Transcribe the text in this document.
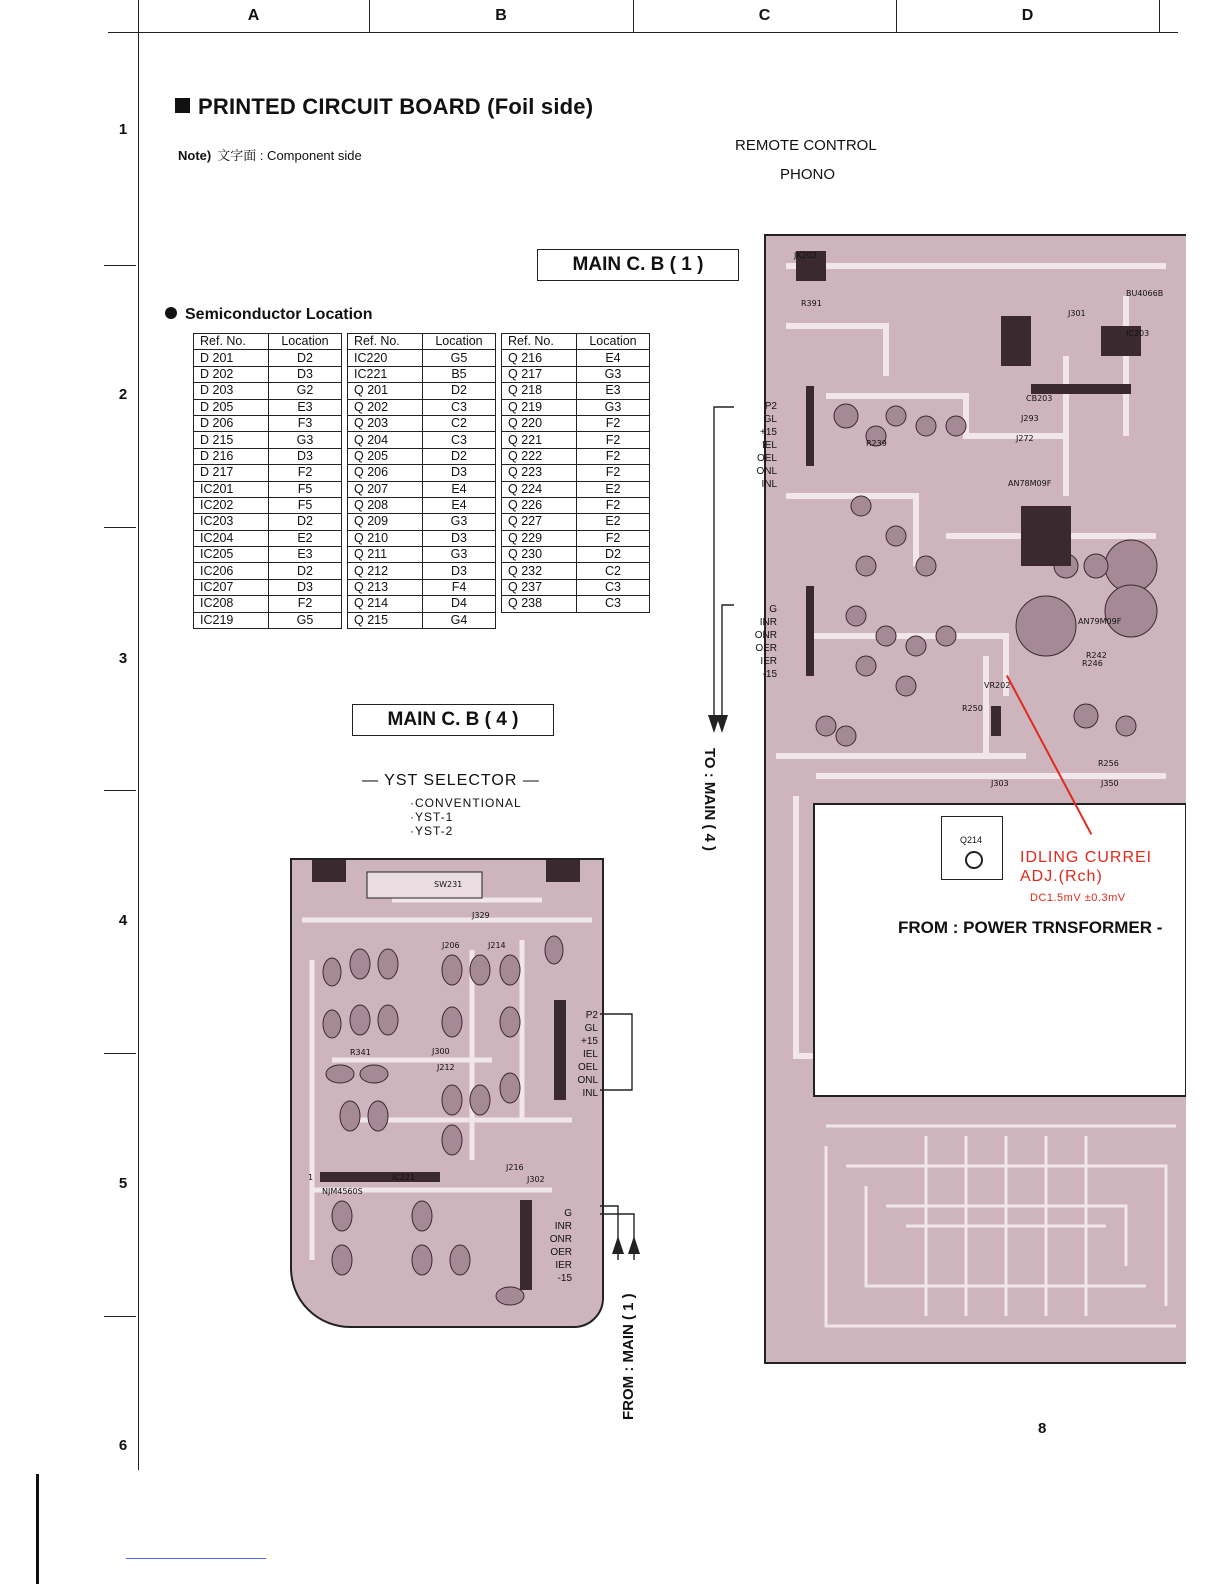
A	B	C	D
1
2
3
4
5
6
PRINTED CIRCUIT BOARD (Foil side)
Note) 文字面 : Component side
REMOTE CONTROL
PHONO
MAIN C. B ( 1 )
MAIN C. B ( 4 )
Semiconductor Location
Ref. No.	Location
D 201	D2
D 202	D3
D 203	G2
D 205	E3
D 206	F3
D 215	G3
D 216	D3
D 217	F2
IC201	F5
IC202	F5
IC203	D2
IC204	E2
IC205	E3
IC206	D2
IC207	D3
IC208	F2
IC219	G5
Ref. No.	Location
IC220	G5
IC221	B5
Q 201	D2
Q 202	C3
Q 203	C2
Q 204	C3
Q 205	D2
Q 206	D3
Q 207	E4
Q 208	E4
Q 209	G3
Q 210	D3
Q 211	G3
Q 212	D3
Q 213	F4
Q 214	D4
Q 215	G4
Ref. No.	Location
Q 216	E4
Q 217	G3
Q 218	E3
Q 219	G3
Q 220	F2
Q 221	F2
Q 222	F2
Q 223	F2
Q 224	E2
Q 226	F2
Q 227	E2
Q 229	F2
Q 230	D2
Q 232	C2
Q 237	C3
Q 238	C3
JK202
R391
J301
BU4066B
IC203
AN78M09F
AN79M09F
VR202
R250
R242
R246
R256
J350
J303
R239
CB203
J293
J272
Q214
P2
GL
+15
IEL
OEL
ONL
INL
G
INR
ONR
OER
IER
-15
TO : MAIN ( 4 )
IDLING CURREI
ADJ.(Rch)
DC1.5mV ±0.3mV
FROM : POWER TRNSFORMER -
— YST SELECTOR —
·CONVENTIONAL
·YST-1
·YST-2
SW231
J329
J206	J214
J300
J212
J302
J216
NJM4560S
IC221
R341
1
P2
GL
+15
IEL
OEL
ONL
INL
G
INR
ONR
OER
IER
-15
FROM : MAIN ( 1 )
8
